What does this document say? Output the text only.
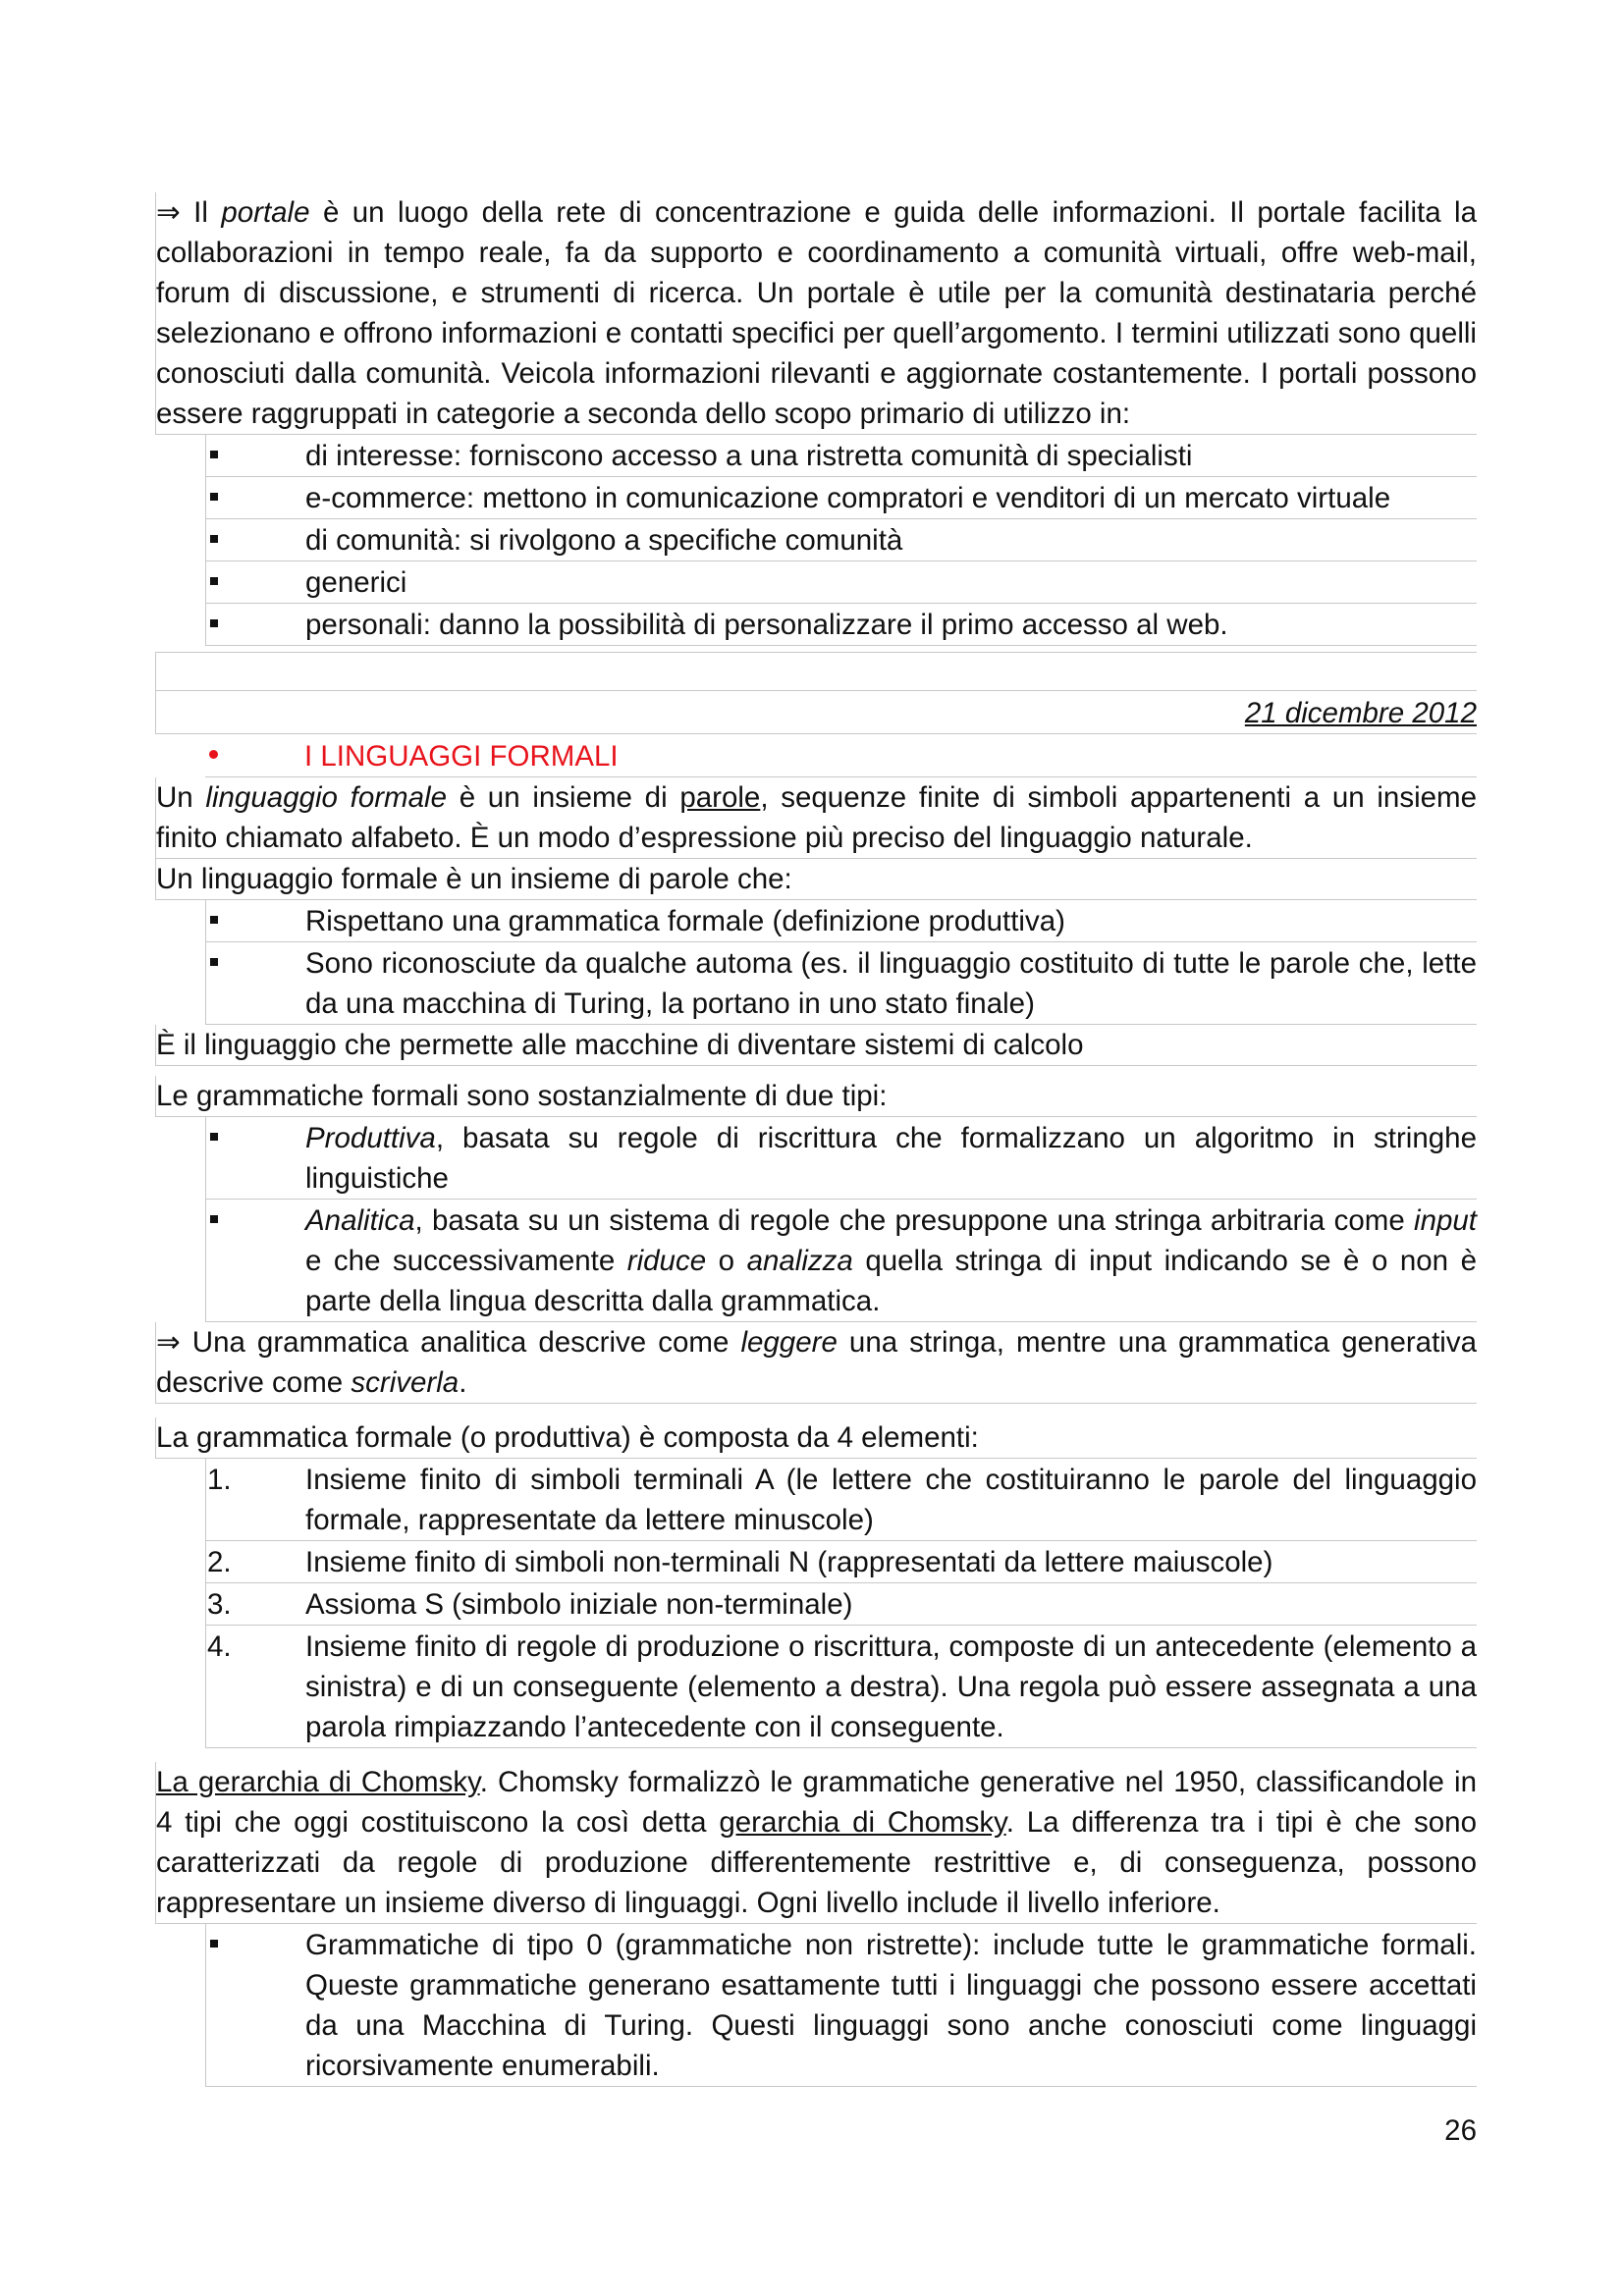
⇒ Il portale è un luogo della rete di concentrazione e guida delle informazioni. Il portale facilita la collaborazioni in tempo reale, fa da supporto e coordinamento a comunità virtuali, offre web-mail, forum di discussione, e strumenti di ricerca. Un portale è utile per la comunità destinataria perché selezionano e offrono informazioni e contatti specifici per quell’argomento. I termini utilizzati sono quelli conosciuti dalla comunità. Veicola informazioni rilevanti e aggiornate costantemente. I portali possono essere raggruppati in categorie a seconda dello scopo primario di utilizzo in:

di interesse: forniscono accesso a una ristretta comunità di specialisti
e-commerce: mettono in comunicazione compratori e venditori di un mercato virtuale
di comunità: si rivolgono a specifiche comunità
generici
personali: danno la possibilità di personalizzare il primo accesso al web.

21 dicembre 2012

I LINGUAGGI FORMALI

Un linguaggio formale è un insieme di parole, sequenze finite di simboli appartenenti a un insieme finito chiamato alfabeto. È un modo d’espressione più preciso del linguaggio naturale.

Un linguaggio formale è un insieme di parole che:

Rispettano una grammatica formale (definizione produttiva)
Sono riconosciute da qualche automa (es. il linguaggio costituito di tutte le parole che, lette da una macchina di Turing, la portano in uno stato finale)

È il linguaggio che permette alle macchine di diventare sistemi di calcolo

Le grammatiche formali sono sostanzialmente di due tipi:

Produttiva, basata su regole di riscrittura che formalizzano un algoritmo in stringhe linguistiche
Analitica, basata su un sistema di regole che presuppone una stringa arbitraria come input e che successivamente riduce o analizza quella stringa di input indicando se è o non è parte della lingua descritta dalla grammatica.

⇒ Una grammatica analitica descrive come leggere una stringa, mentre una grammatica generativa descrive come scriverla.

La grammatica formale (o produttiva) è composta da 4 elementi:

1.	Insieme finito di simboli terminali A (le lettere che costituiranno le parole del linguaggio formale, rappresentate da lettere minuscole)
2.	Insieme finito di simboli non-terminali N (rappresentati da lettere maiuscole)
3.	Assioma S (simbolo iniziale non-terminale)
4.	Insieme finito di regole di produzione o riscrittura, composte di un antecedente (elemento a sinistra) e di un conseguente (elemento a destra). Una regola può essere assegnata a una parola rimpiazzando l’antecedente con il conseguente.

La gerarchia di Chomsky. Chomsky formalizzò le grammatiche generative nel 1950, classificandole in 4 tipi che oggi costituiscono la così detta gerarchia di Chomsky. La differenza tra i tipi è che sono caratterizzati da regole di produzione differentemente restrittive e, di conseguenza, possono rappresentare un insieme diverso di linguaggi. Ogni livello include il livello inferiore.

Grammatiche di tipo 0 (grammatiche non ristrette): include tutte le grammatiche formali. Queste grammatiche generano esattamente tutti i linguaggi che possono essere accettati da una Macchina di Turing. Questi linguaggi sono anche conosciuti come linguaggi ricorsivamente enumerabili.
26
